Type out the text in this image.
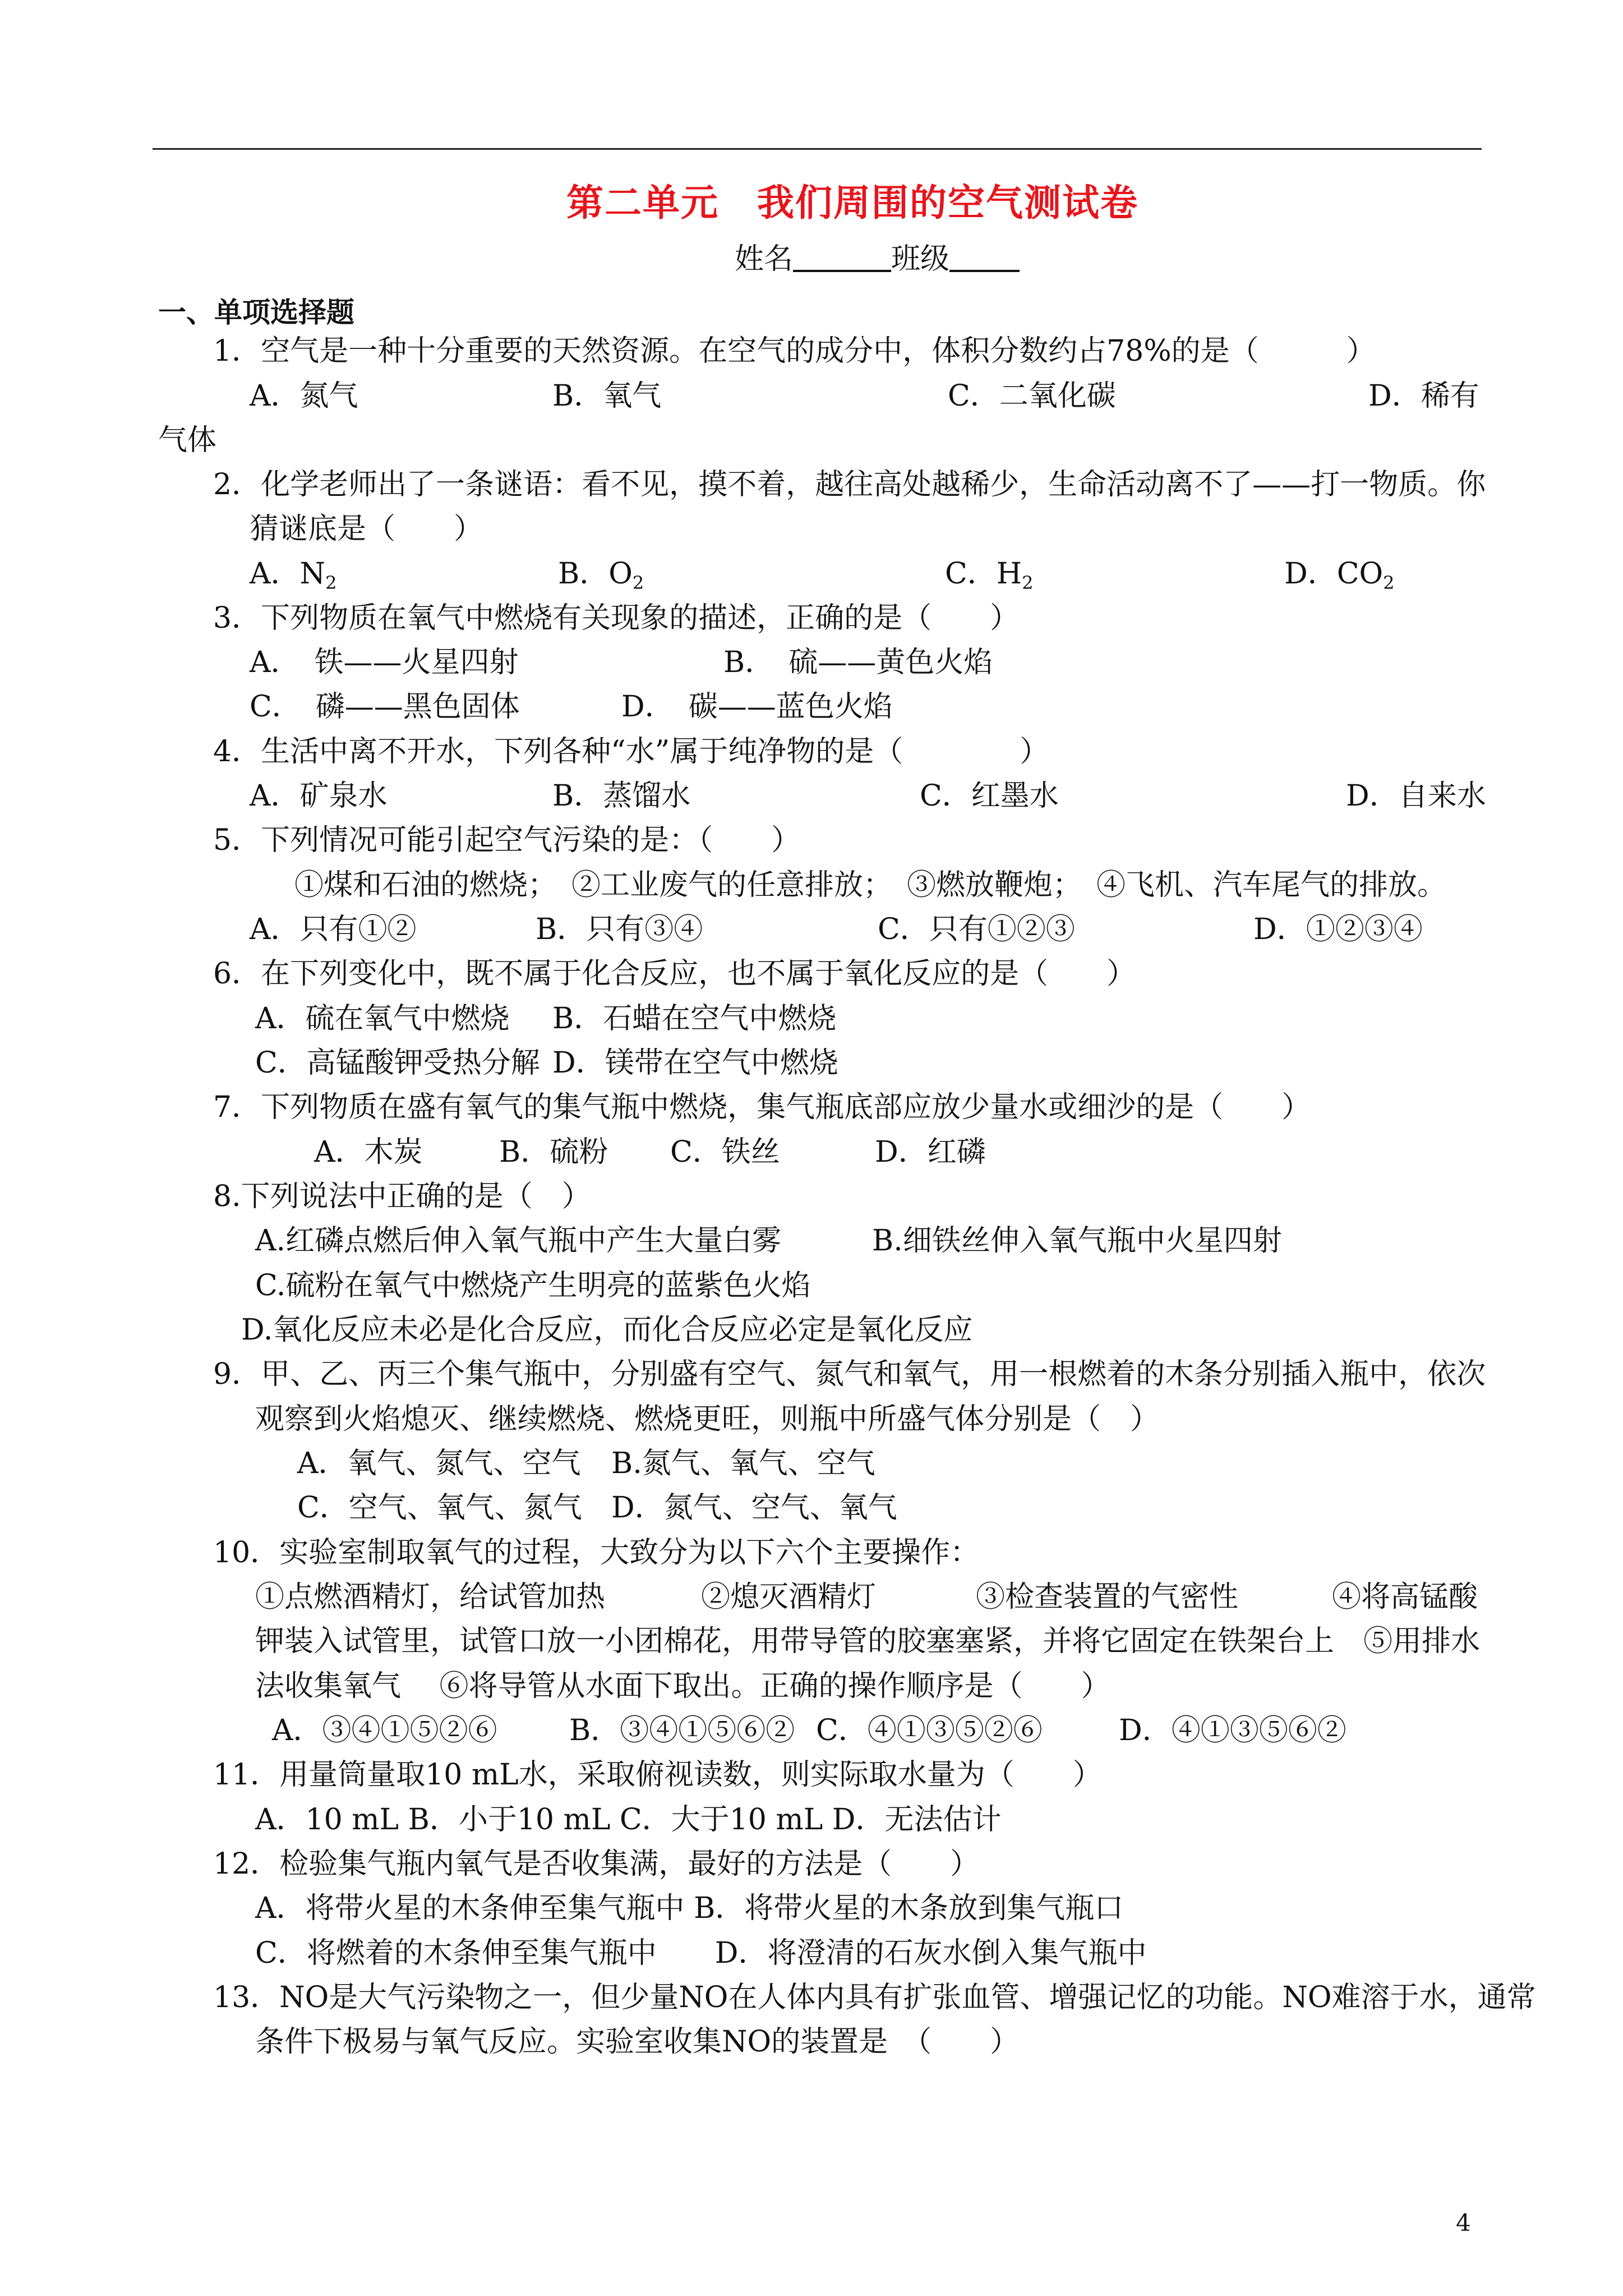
第二单元　我们周围的空气测试卷
姓名	班级
一、单项选择题
1．空气是一种十分重要的天然资源。在空气的成分中，体积分数约占78%的是（　　　）
A．氮气	B．氧气	C．二氧化碳	D．稀有
气体
2．化学老师出了一条谜语：看不见，摸不着，越往高处越稀少，生命活动离不了——打一物质。你
猜谜底是（　　）
A．$N_2$	B．$O_2$	C．$H_2$	D．$CO_2$
3．下列物质在氧气中燃烧有关现象的描述，正确的是（　　）
A．　铁——火星四射	B．　硫——黄色火焰
C．　磷——黑色固体	D．　碳——蓝色火焰
4．生活中离不开水，下列各种“水”属于纯净物的是（　　　　）
A．矿泉水	B．蒸馏水	C．红墨水	D．自来水
5．下列情况可能引起空气污染的是：（　　）
①煤和石油的燃烧；　②工业废气的任意排放；　③燃放鞭炮；　④飞机、汽车尾气的排放。
A．只有①②	B．只有③④	C．只有①②③	D．①②③④
6．在下列变化中，既不属于化合反应，也不属于氧化反应的是（　　）
A．硫在氧气中燃烧 B．石蜡在空气中燃烧
C．高锰酸钾受热分解 D．镁带在空气中燃烧
7．下列物质在盛有氧气的集气瓶中燃烧，集气瓶底部应放少量水或细沙的是（　　）
A．木炭	B．硫粉 C．铁丝	D．红磷
8.下列说法中正确的是（　）
A.红磷点燃后伸入氧气瓶中产生大量白雾	B.细铁丝伸入氧气瓶中火星四射
C.硫粉在氧气中燃烧产生明亮的蓝紫色火焰
D.氧化反应未必是化合反应，而化合反应必定是氧化反应
9．甲、乙、丙三个集气瓶中，分别盛有空气、氮气和氧气，用一根燃着的木条分别插入瓶中，依次
观察到火焰熄灭、继续燃烧、燃烧更旺，则瓶中所盛气体分别是（　）
A．氧气、氮气、空气 B.氮气、氧气、空气
C．空气、氧气、氮气 D．氮气、空气、氧气
10．实验室制取氧气的过程，大致分为以下六个主要操作：
①点燃酒精灯，给试管加热	②熄灭酒精灯	③检查装置的气密性	④将高锰酸
钾装入试管里，试管口放一小团棉花，用带导管的胶塞塞紧，并将它固定在铁架台上　⑤用排水
法收集氧气　 ⑥将导管从水面下取出。正确的操作顺序是（　　）
A．③④①⑤②⑥ B．③④①⑤⑥② C．④①③⑤②⑥	D．④①③⑤⑥②
11．用量筒量取10 mL水，采取俯视读数，则实际取水量为（　　）
A．10 mL B．小于10 mL C．大于10 mL D．无法估计
12．检验集气瓶内氧气是否收集满，最好的方法是（　　）
A．将带火星的木条伸至集气瓶中 B．将带火星的木条放到集气瓶口
C．将燃着的木条伸至集气瓶中　　D．将澄清的石灰水倒入集气瓶中
13．NO是大气污染物之一，但少量NO在人体内具有扩张血管、增强记忆的功能。NO难溶于水，通常
条件下极易与氧气反应。实验室收集NO的装置是　（　　）
4
